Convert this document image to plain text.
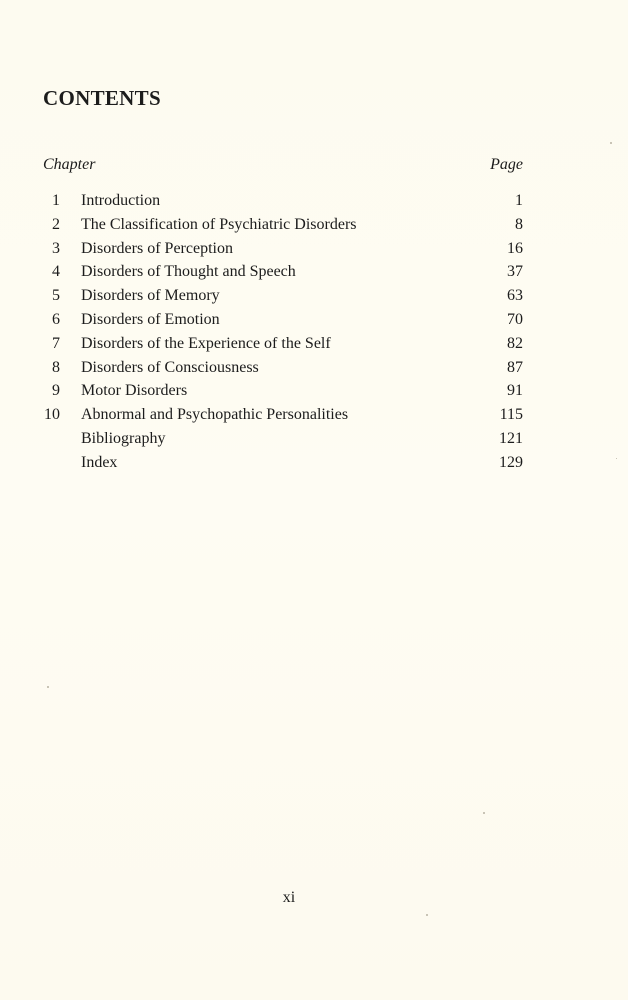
CONTENTS
Chapter	Page
1 Introduction	1
2 The Classification of Psychiatric Disorders	8
3 Disorders of Perception	16
4 Disorders of Thought and Speech	37
5 Disorders of Memory	63
6 Disorders of Emotion	70
7 Disorders of the Experience of the Self	82
8 Disorders of Consciousness	87
9 Motor Disorders	91
10 Abnormal and Psychopathic Personalities	115
Bibliography	121
Index	129
xi
